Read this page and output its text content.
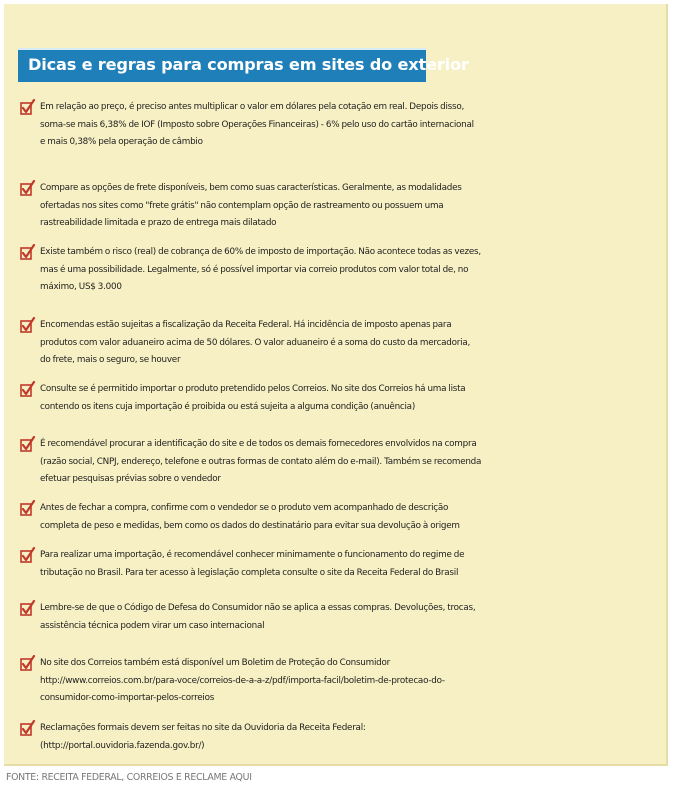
Dicas e regras para compras em sites do exterior

Em relação ao preço, é preciso antes multiplicar o valor em dólares pela cotação em real. Depois disso,
soma-se mais 6,38% de IOF (Imposto sobre Operações Financeiras) - 6% pelo uso do cartão internacional
e mais 0,38% pela operação de câmbio

Compare as opções de frete disponíveis, bem como suas características. Geralmente, as modalidades
ofertadas nos sites como "frete grátis" não contemplam opção de rastreamento ou possuem uma
rastreabilidade limitada e prazo de entrega mais dilatado

Existe também o risco (real) de cobrança de 60% de imposto de importação. Não acontece todas as vezes,
mas é uma possibilidade. Legalmente, só é possível importar via correio produtos com valor total de, no
máximo, US$ 3.000

Encomendas estão sujeitas a fiscalização da Receita Federal. Há incidência de imposto apenas para
produtos com valor aduaneiro acima de 50 dólares. O valor aduaneiro é a soma do custo da mercadoria,
do frete, mais o seguro, se houver

Consulte se é permitido importar o produto pretendido pelos Correios. No site dos Correios há uma lista
contendo os itens cuja importação é proibida ou está sujeita a alguma condição (anuência)

É recomendável procurar a identificação do site e de todos os demais fornecedores envolvidos na compra
(razão social, CNPJ, endereço, telefone e outras formas de contato além do e-mail). Também se recomenda
efetuar pesquisas prévias sobre o vendedor

Antes de fechar a compra, confirme com o vendedor se o produto vem acompanhado de descrição
completa de peso e medidas, bem como os dados do destinatário para evitar sua devolução à origem

Para realizar uma importação, é recomendável conhecer minimamente o funcionamento do regime de
tributação no Brasil. Para ter acesso à legislação completa consulte o site da Receita Federal do Brasil

Lembre-se de que o Código de Defesa do Consumidor não se aplica a essas compras. Devoluções, trocas,
assistência técnica podem virar um caso internacional

No site dos Correios também está disponível um Boletim de Proteção do Consumidor
http://www.correios.com.br/para-voce/correios-de-a-a-z/pdf/importa-facil/boletim-de-protecao-do-
consumidor-como-importar-pelos-correios

Reclamações formais devem ser feitas no site da Ouvidoria da Receita Federal:
(http://portal.ouvidoria.fazenda.gov.br/)

FONTE: RECEITA FEDERAL, CORREIOS E RECLAME AQUI
